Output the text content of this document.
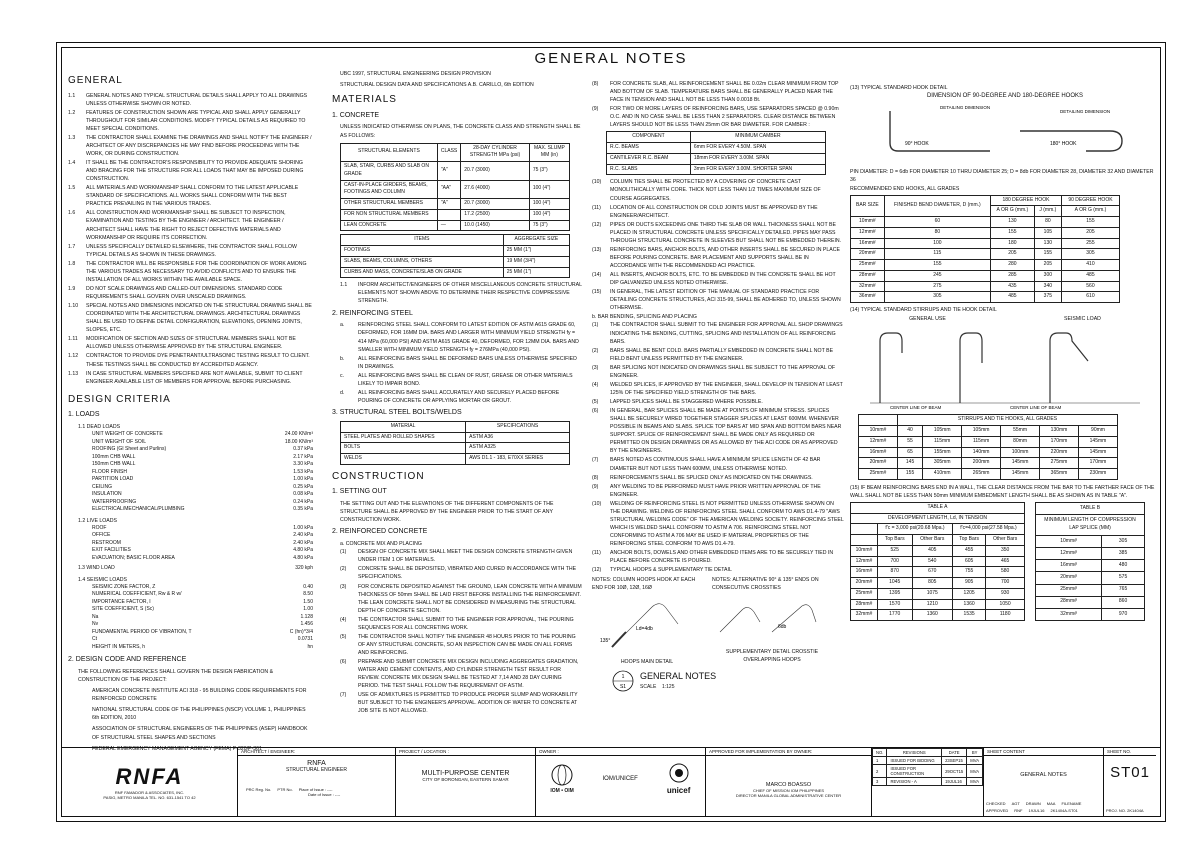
GENERAL NOTES
GENERAL
1.1	GENERAL NOTES AND TYPICAL STRUCTURAL DETAILS SHALL APPLY TO ALL DRAWINGS UNLESS OTHERWISE SHOWN OR NOTED.
1.2	FEATURES OF CONSTRUCTION SHOWN ARE TYPICAL AND SHALL APPLY GENERALLY THROUGHOUT FOR SIMILAR CONDITIONS. MODIFY TYPICAL DETAILS AS REQUIRED TO MEET SPECIAL CONDITIONS.
1.3	THE CONTRACTOR SHALL EXAMINE THE DRAWINGS AND SHALL NOTIFY THE ENGINEER / ARCHITECT OF ANY DISCREPANCIES HE MAY FIND BEFORE PROCEEDING WITH THE WORK, OR DURING CONSTRUCTION.
1.4	IT SHALL BE THE CONTRACTOR'S RESPONSIBILITY TO PROVIDE ADEQUATE SHORING AND BRACING FOR THE STRUCTURE FOR ALL LOADS THAT MAY BE IMPOSED DURING CONSTRUCTION.
1.5	ALL MATERIALS AND WORKMANSHIP SHALL CONFORM TO THE LATEST APPLICABLE STANDARD OF SPECIFICATIONS. ALL WORKS SHALL CONFORM WITH THE BEST PRACTICE PREVAILING IN THE VARIOUS TRADES.
1.6	ALL CONSTRUCTION AND WORKMANSHIP SHALL BE SUBJECT TO INSPECTION, EXAMINATION AND TESTING BY THE ENGINEER / ARCHITECT. THE ENGINEER / ARCHITECT SHALL HAVE THE RIGHT TO REJECT DEFECTIVE MATERIALS AND WORKMANSHIP OR REQUIRE ITS CORRECTION.
1.7	UNLESS SPECIFICALLY DETAILED ELSEWHERE, THE CONTRACTOR SHALL FOLLOW TYPICAL DETAILS AS SHOWN IN THESE DRAWINGS.
1.8	THE CONTRACTOR WILL BE RESPONSIBLE FOR THE COORDINATION OF WORK AMONG THE VARIOUS TRADES AS NECESSARY TO AVOID CONFLICTS AND TO ENSURE THE INSTALLATION OF ALL WORKS WITHIN THE AVAILABLE SPACE.
1.9	DO NOT SCALE DRAWINGS AND CALLED-OUT DIMENSIONS. STANDARD CODE REQUIREMENTS SHALL GOVERN OVER UNSCALED DRAWINGS.
1.10	SPECIAL NOTES AND DIMENSIONS INDICATED ON THE STRUCTURAL DRAWING SHALL BE COORDINATED WITH THE ARCHITECTURAL DRAWINGS. ARCHITECTURAL DRAWINGS SHALL BE USED TO DEFINE DETAIL CONFIGURATION, ELEVATIONS, OPENING JOINTS, SLOPES, ETC.
1.11	MODIFICATION OF SECTION AND SIZES OF STRUCTURAL MEMBERS SHALL NOT BE ALLOWED UNLESS OTHERWISE APPROVED BY THE STRUCTURAL ENGINEER.
1.12	CONTRACTOR TO PROVIDE DYE PENETRANT/ULTRASONIC TESTING RESULT TO CLIENT. THESE TESTINGS SHALL BE CONDUCTED BY ACCREDITED AGENCY.
1.13	IN CASE STRUCTURAL MEMBERS SPECIFIED ARE NOT AVAILABLE, SUBMIT TO CLIENT ENGINEER AVAILABLE LIST OF MEMBERS FOR APPROVAL BEFORE PURCHASING.
DESIGN CRITERIA
1. LOADS
1.1 DEAD LOADS
UNIT WEIGHT OF CONCRETE	24.00 KN/m³
UNIT WEIGHT OF SOIL	18.00 KN/m³
ROOFING (GI Sheet and Purlins)	0.37 kPa
100mm CHB WALL	2.17 kPa
150mm CHB WALL	3.30 kPa
FLOOR FINISH	1.53 kPa
PARTITION LOAD	1.00 kPa
CEILING	0.25 kPa
INSULATION	0.08 kPa
WATERPROOFING	0.24 kPa
ELECTRICAL/MECHANICAL/PLUMBING	0.35 kPa
1.2 LIVE LOADS
ROOF	1.00 kPa
OFFICE	2.40 kPa
RESTROOM	2.40 kPa
EXIT FACILITIES	4.80 kPa
EVACUATION; BASIC FLOOR AREA	4.80 kPa
1.3 WIND LOAD	320 kph
1.4 SEISMIC LOADS
SEISMIC ZONE FACTOR, Z	0.40
NUMERICAL COEFFICIENT, Rw & R w/	8.50
IMPORTANCE FACTOR, I	1.50
SITE COEFFICIENT, S (Sc)	1.00
Na	1.128
Nv	1.456
FUNDAMENTAL PERIOD OF VIBRATION, T	C (hn)^3/4
Ct	0.0731
HEIGHT IN METERS, h	hn
2. DESIGN CODE AND REFERENCE
THE FOLLOWING REFERENCES SHALL GOVERN THE DESIGN FABRICATION & CONSTRUCTION OF THE PROJECT:
AMERICAN CONCRETE INSTITUTE ACI 318 - 95 BUILDING CODE REQUIREMENTS FOR REINFORCED CONCRETE
NATIONAL STRUCTURAL CODE OF THE PHILIPPINES (NSCP) VOLUME 1, PHILIPPINES 6th EDITION, 2010
ASSOCIATION OF STRUCTURAL ENGINEERS OF THE PHILIPPINES (ASEP) HANDBOOK OF STRUCTURAL STEEL SHAPES AND SECTIONS
FEDERAL EMERGENCY MANAGEMENT AGENCY (FEMA) P-320/P-361
UBC 1997, STRUCTURAL ENGINEERING DESIGN PROVISION
STRUCTURAL DESIGN DATA AND SPECIFICATIONS A.B. CARILLO, 6th EDITION
MATERIALS
1. CONCRETE
UNLESS INDICATED OTHERWISE ON PLANS, THE CONCRETE CLASS AND STRENGTH SHALL BE AS FOLLOWS:
STRUCTURAL ELEMENTS	CLASS	28-DAY CYLINDER STRENGTH MPa (psi)	MAX. SLUMP MM (in)
SLAB, STAIR, CURBS AND SLAB ON GRADE	"A"	20.7 (3000)	75 (3")
CAST-IN-PLACE GIRDERS, BEAMS, FOOTINGS AND COLUMN	"AA"	27.6 (4000)	100 (4")
OTHER STRUCTURAL MEMBERS	"A"	20.7 (3000)	100 (4")
FOR NON STRUCTURAL MEMBERS		17.2 (2500)	100 (4")
LEAN CONCRETE	—	10.0 (1450)	75 (3")
ITEMS	AGGREGATE SIZE
FOOTINGS	25 MM (1")
SLABS, BEAMS, COLUMNS, OTHERS	19 MM (3/4")
CURBS AND MASS, CONCRETE/SLAB ON GRADE	25 MM (1")
1.1	INFORM ARCHITECT/ENGINEERS OF OTHER MISCELLANEOUS CONCRETE STRUCTURAL ELEMENTS NOT SHOWN ABOVE TO DETERMINE THEIR RESPECTIVE COMPRESSIVE STRENGTH.
2. REINFORCING STEEL
a.	REINFORCING STEEL SHALL CONFORM TO LATEST EDITION OF ASTM A615 GRADE 60, DEFORMED, FOR 16MM DIA. BARS AND LARGER WITH MINIMUM YIELD STRENGTH fy = 414 MPa (60,000 PSI) AND ASTM A615 GRADE 40, DEFORMED, FOR 12MM DIA. BARS AND SMALLER WITH MINIMUM YIELD STRENGTH fy = 276MPa (40,000 PSI).
b.	ALL REINFORCING BARS SHALL BE DEFORMED BARS UNLESS OTHERWISE SPECIFIED IN DRAWINGS.
c.	ALL REINFORCING BARS SHALL BE CLEAN OF RUST, GREASE OR OTHER MATERIALS LIKELY TO IMPAIR BOND.
d.	ALL REINFORCING BARS SHALL ACCURATELY AND SECURELY PLACED BEFORE POURING OF CONCRETE OR APPLYING MORTAR OR GROUT.
3. STRUCTURAL STEEL BOLTS/WELDS
MATERIAL	SPECIFICATIONS
STEEL PLATES AND ROLLED SHAPES	ASTM A36
BOLTS	ASTM A325
WELDS	AWS D1.1 - 183, E70XX SERIES
CONSTRUCTION
1. SETTING OUT
THE SETTING OUT AND THE ELEVATIONS OF THE DIFFERENT COMPONENTS OF THE STRUCTURE SHALL BE APPROVED BY THE ENGINEER PRIOR TO THE START OF ANY CONSTRUCTION WORK.
2. REINFORCED CONCRETE
a. CONCRETE MIX AND PLACING
(1)	DESIGN OF CONCRETE MIX SHALL MEET THE DESIGN CONCRETE STRENGTH GIVEN UNDER ITEM 1 OF MATERIALS.
(2)	CONCRETE SHALL BE DEPOSITED, VIBRATED AND CURED IN ACCORDANCE WITH THE SPECIFICATIONS.
(3)	FOR CONCRETE DEPOSITED AGAINST THE GROUND, LEAN CONCRETE WITH A MINIMUM THICKNESS OF 50mm SHALL BE LAID FIRST BEFORE INSTALLING THE REINFORCEMENT. THE LEAN CONCRETE SHALL NOT BE CONSIDERED IN MEASURING THE STRUCTURAL DEPTH OF CONCRETE SECTION.
(4)	THE CONTRACTOR SHALL SUBMIT TO THE ENGINEER FOR APPROVAL, THE POURING SEQUENCES FOR ALL CONCRETING WORK.
(5)	THE CONTRACTOR SHALL NOTIFY THE ENGINEER 48 HOURS PRIOR TO THE POURING OF ANY STRUCTURAL CONCRETE, SO AN INSPECTION CAN BE MADE ON ALL FORMS AND REINFORCING.
(6)	PREPARE AND SUBMIT CONCRETE MIX DESIGN INCLUDING AGGREGATES GRADATION, WATER AND CEMENT CONTENTS, AND CYLINDER STRENGTH TEST RESULT FOR REVIEW. CONCRETE MIX DESIGN SHALL BE TESTED AT 7,14 AND 28 DAY CURING PERIOD. THE TEST SHALL FOLLOW THE REQUIREMENT OF ASTM.
(7)	USE OF ADMIXTURES IS PERMITTED TO PRODUCE PROPER SLUMP AND WORKABILITY BUT SUBJECT TO THE ENGINEER'S APPROVAL. ADDITION OF WATER TO CONCRETE AT JOB SITE IS NOT ALLOWED.
(8)	FOR CONCRETE SLAB, ALL REINFORCEMENT SHALL BE 0.02m CLEAR MINIMUM FROM TOP AND BOTTOM OF SLAB. TEMPERATURE BARS SHALL BE GENERALLY PLACED NEAR THE FACE IN TENSION AND SHALL NOT BE LESS THAN 0.0018 Bt.
(9)	FOR TWO OR MORE LAYERS OF REINFORCING BARS, USE SEPARATORS SPACED @ 0.90m O.C. AND IN NO CASE SHALL BE LESS THAN 2 SEPARATORS. CLEAR DISTANCE BETWEEN LAYERS SHOULD NOT BE LESS THAN 25mm OR BAR DIAMETER. FOR CAMBER :
COMPONENT	MINIMUM CAMBER
R.C. BEAMS	6mm FOR EVERY 4.50M. SPAN
CANTILEVER R.C. BEAM	18mm FOR EVERY 3.00M. SPAN
R.C. SLABS	3mm FOR EVERY 3.00M. SHORTER SPAN
(10)	COLUMN TIES SHALL BE PROTECTED BY A COVERING OF CONCRETE CAST MONOLITHICALLY WITH CORE. THICK NOT LESS THAN 1/2 TIMES MAXIMUM SIZE OF COURSE AGGREGATES.
(11)	LOCATION OF ALL CONSTRUCTION OR COLD JOINTS MUST BE APPROVED BY THE ENGINEER/ARCHITECT.
(12)	PIPES OR DUCTS EXCEEDING ONE THIRD THE SLAB OR WALL THICKNESS SHALL NOT BE PLACED IN STRUCTURAL CONCRETE UNLESS SPECIFICALLY DETAILED. PIPES MAY PASS THROUGH STRUCTURAL CONCRETE IN SLEEVES BUT SHALL NOT BE EMBEDDED THEREIN.
(13)	REINFORCING BARS, ANCHOR BOLTS, AND OTHER INSERTS SHALL BE SECURED IN PLACE BEFORE POURING CONCRETE. BAR PLACEMENT AND SUPPORTS SHALL BE IN ACCORDANCE WITH THE RECOMMENDED ACI PRACTICE.
(14)	ALL INSERTS, ANCHOR BOLTS, ETC. TO BE EMBEDDED IN THE CONCRETE SHALL BE HOT DIP GALVANIZED UNLESS NOTED OTHERWISE.
(15)	IN GENERAL, THE LATEST EDITION OF THE MANUAL OF STANDARD PRACTICE FOR DETAILING CONCRETE STRUCTURES, ACI 315-99, SHALL BE ADHERED TO, UNLESS SHOWN OTHERWISE.
b. BAR BENDING, SPLICING AND PLACING
(1)	THE CONTRACTOR SHALL SUBMIT TO THE ENGINEER FOR APPROVAL ALL SHOP DRAWINGS INDICATING THE BENDING, CUTTING, SPLICING AND INSTALLATION OF ALL REINFORCING BARS.
(2)	BARS SHALL BE BENT COLD. BARS PARTIALLY EMBEDDED IN CONCRETE SHALL NOT BE FIELD BENT UNLESS PERMITTED BY THE ENGINEER.
(3)	BAR SPLICING NOT INDICATED ON DRAWINGS SHALL BE SUBJECT TO THE APPROVAL OF ENGINEER.
(4)	WELDED SPLICES, IF APPROVED BY THE ENGINEER, SHALL DEVELOP IN TENSION AT LEAST 125% OF THE SPECIFIED YIELD STRENGTH OF THE BARS.
(5)	LAPPED SPLICES SHALL BE STAGGERED WHERE POSSIBLE.
(6)	IN GENERAL, BAR SPLICES SHALL BE MADE AT POINTS OF MINIMUM STRESS. SPLICES SHALL BE SECURELY WIRED TOGETHER STAGGER SPLICES AT LEAST 600MM. WHENEVER POSSIBLE IN BEAMS AND SLABS. SPLICE TOP BARS AT MID SPAN AND BOTTOM BARS NEAR SUPPORT. SPLICE OF REINFORCEMENT SHALL BE MADE ONLY AS REQUIRED OR PERMITTED ON DESIGN DRAWINGS OR AS ALLOWED BY THE ACI CODE OR AS APPROVED BY THE ENGINEERS.
(7)	BARS NOTED AS CONTINUOUS SHALL HAVE A MINIMUM SPLICE LENGTH OF 42 BAR DIAMETER BUT NOT LESS THAN 600MM, UNLESS OTHERWISE NOTED.
(8)	REINFORCEMENTS SHALL BE SPLICED ONLY AS INDICATED ON THE DRAWINGS.
(9)	ANY WELDING TO BE PERFORMED MUST HAVE PRIOR WRITTEN APPROVAL OF THE ENGINEER.
(10)	WELDING OF REINFORCING STEEL IS NOT PERMITTED UNLESS OTHERWISE SHOWN ON THE DRAWING. WELDING OF REINFORCING STEEL SHALL CONFORM TO AWS D1.4-79 "AWS STRUCTURAL WELDING CODE" OF THE AMERICAN WELDING SOCIETY. REINFORCING STEEL WHICH IS WELDED SHALL CONFORM TO ASTM A 706. REINFORCING STEEL NOT CONFORMING TO ASTM A 706 MAY BE USED IF MATERIAL PROPERTIES OF THE REINFORCING STEEL CONFORM TO AWS D1.4-79.
(11)	ANCHOR BOLTS, DOWELS AND OTHER EMBEDDED ITEMS ARE TO BE SECURELY TIED IN PLACE BEFORE CONCRETE IS POURED.
(12)	TYPICAL HOOPS & SUPPLEMENTARY TIE DETAIL
NOTES: COLUMN HOOPS HOOK AT EACH END FOR 10Ø, 12Ø, 16Ø
Ld=4db
135°
HOOPS MAIN DETAIL
NOTES: ALTERNATIVE 90° & 135° ENDS ON CONSECUTIVE CROSSTIES
6db
SUPPLEMENTARY DETAIL CROSSTIE OVERLAPPING HOOPS
1
S1
GENERAL NOTES
SCALE 1:125
(13) TYPICAL STANDARD HOOK DETAIL
DIMENSION OF 90-DEGREE AND 180-DEGREE HOOKS
90° HOOK	180° HOOK
DETAILING DIMENSION
DETAILING DIMENSION
PIN DIAMETER: D = 6db FOR DIAMETER 10 THRU DIAMETER 25; D = 8db FOR DIAMETER 28, DIAMETER 32 AND DIAMETER 36
RECOMMENDED END HOOKS, ALL GRADES
BAR SIZE	FINISHED BEND DIAMETER, D (mm.)	180 DEGREE HOOK		90 DEGREE HOOK
		A OR G (mm.)	J (mm.)	A OR G (mm.)
10mm#	60	130	80	155
12mm#	80	155	105	205
16mm#	100	180	130	255
20mm#	115	205	155	305
25mm#	155	280	205	410
28mm#	245	285	300	485
32mm#	275	435	340	560
36mm#	305	485	375	610
(14) TYPICAL STANDARD STIRRUPS AND TIE HOOK DETAIL
GENERAL USE	SEISMIC LOAD
CENTER LINE OF BEAM	CENTER LINE OF BEAM
	STIRRUPS AND TIE HOOKS, ALL GRADES					
10mm#	40	105mm	105mm	55mm	130mm	90mm
12mm#	55	115mm	115mm	80mm	170mm	145mm
16mm#	65	155mm	140mm	100mm	220mm	145mm
20mm#	145	305mm	200mm	145mm	275mm	170mm
25mm#	155	410mm	265mm	145mm	365mm	230mm
(15) IF BEAM REINFORCING BARS END IN A WALL, THE CLEAR DISTANCE FROM THE BAR TO THE FARTHER FACE OF THE WALL SHALL NOT BE LESS THAN 50mm MINIMUM EMBEDMENT LENGTH SHALL BE AS SHOWN AS IN TABLE "A".
TABLE A				
DEVELOPMENT LENGTH, Ld, IN TENSION				
	f'c = 3,000 psi(20.68 Mpa.)		f'c=4,000 psi(27.58 Mpa.)	
	Top Bars	Other Bars	Top Bars	Other Bars
10mm#	525	405	455	350
12mm#	700	540	605	465
16mm#	870	670	755	580
20mm#	1045	805	905	700
25mm#	1395	1075	1205	930
28mm#	1570	1210	1360	1050
32mm#	1770	1360	1535	1180
TABLE B	
MINIMUM LENGTH OF COMPRESSION LAP SPLICE (MM)	
10mm#	305
12mm#	385
16mm#	480
20mm#	575
25mm#	765
28mm#	860
32mm#	970
RNFA
RNF FAMADOR & ASSOCIATES, INC.
PASIG, METRO MANILA TEL. NO. 631-1541 TO 42
ARCHITECT / ENGINEER:
RNFA
STRUCTURAL ENGINEER
PRC Reg. No. PTR No. Place of Issue : ----
Date of Issue : ----
PROJECT / LOCATION :
MULTI-PURPOSE CENTER
CITY OF BORONGAN, EASTERN SAMAR
OWNER :
IOM • OIM
IOM/UNICEF
unicef
APPROVED FOR IMPLEMENTATION BY OWNER:
MARCO BOASSO
CHIEF OF MISSION IOM PHILIPPINES
DIRECTOR MANILA GLOBAL ADMINISTRATIVE CENTER
NO.	REVISIONS	DATE	BY
1	ISSUED FOR BIDDING	23SEP15	MVA
2	ISSUED FOR CONSTRUCTION	29OCT15	MVA
3	REVISION - A	19JUL16	MVA
SHEET CONTENT
GENERAL NOTES
CHECKED AGT DRAWN MAA FILENAME
APPROVED RNF 19JUL16 2K1404A-ST01
SHEET NO.
ST01
PROJ. NO. 2K1404A
